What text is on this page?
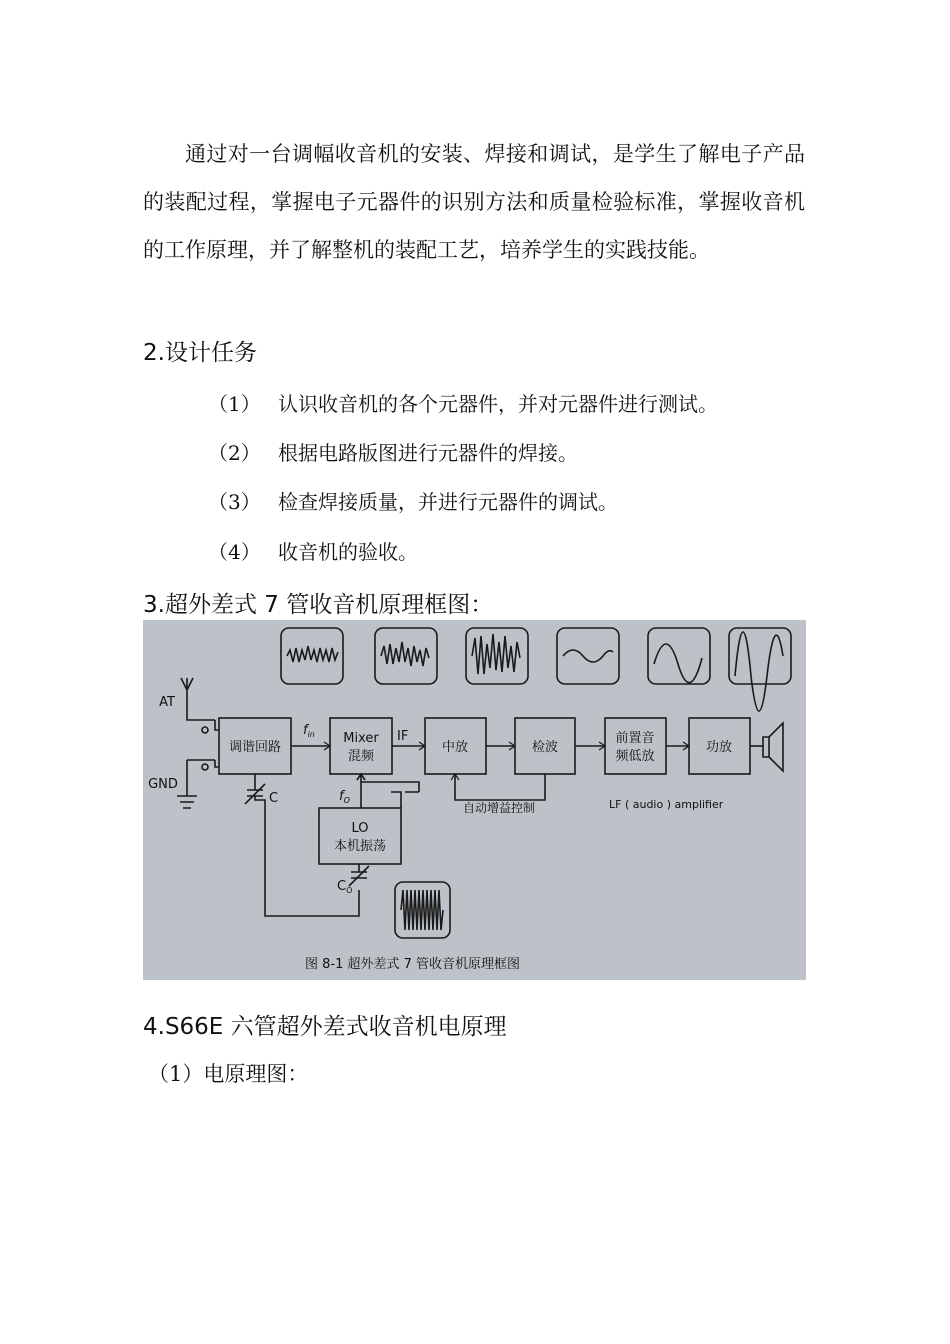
通过对一台调幅收音机的安装、焊接和调试，是学生了解电子产品的装配过程，掌握电子元器件的识别方法和质量检验标准，掌握收音机的工作原理，并了解整机的装配工艺，培养学生的实践技能。

2.设计任务

（1） 认识收音机的各个元器件，并对元器件进行测试。

（2） 根据电路版图进行元器件的焊接。

（3） 检查焊接质量，并进行元器件的调试。

（4） 收音机的验收。

3.超外差式 7 管收音机原理框图：
AT
GND
调谐回路
Mixer
混频
中放	检波
前置音
频低放
功放
LO
本机振荡
自动增益控制
$f_{in}$	IF
$f_O$
C
$C_O$
LF ( audio ) amplifier
图 8-1 超外差式 7 管收音机原理框图
4.S66E 六管超外差式收音机电原理

（1）电原理图：
